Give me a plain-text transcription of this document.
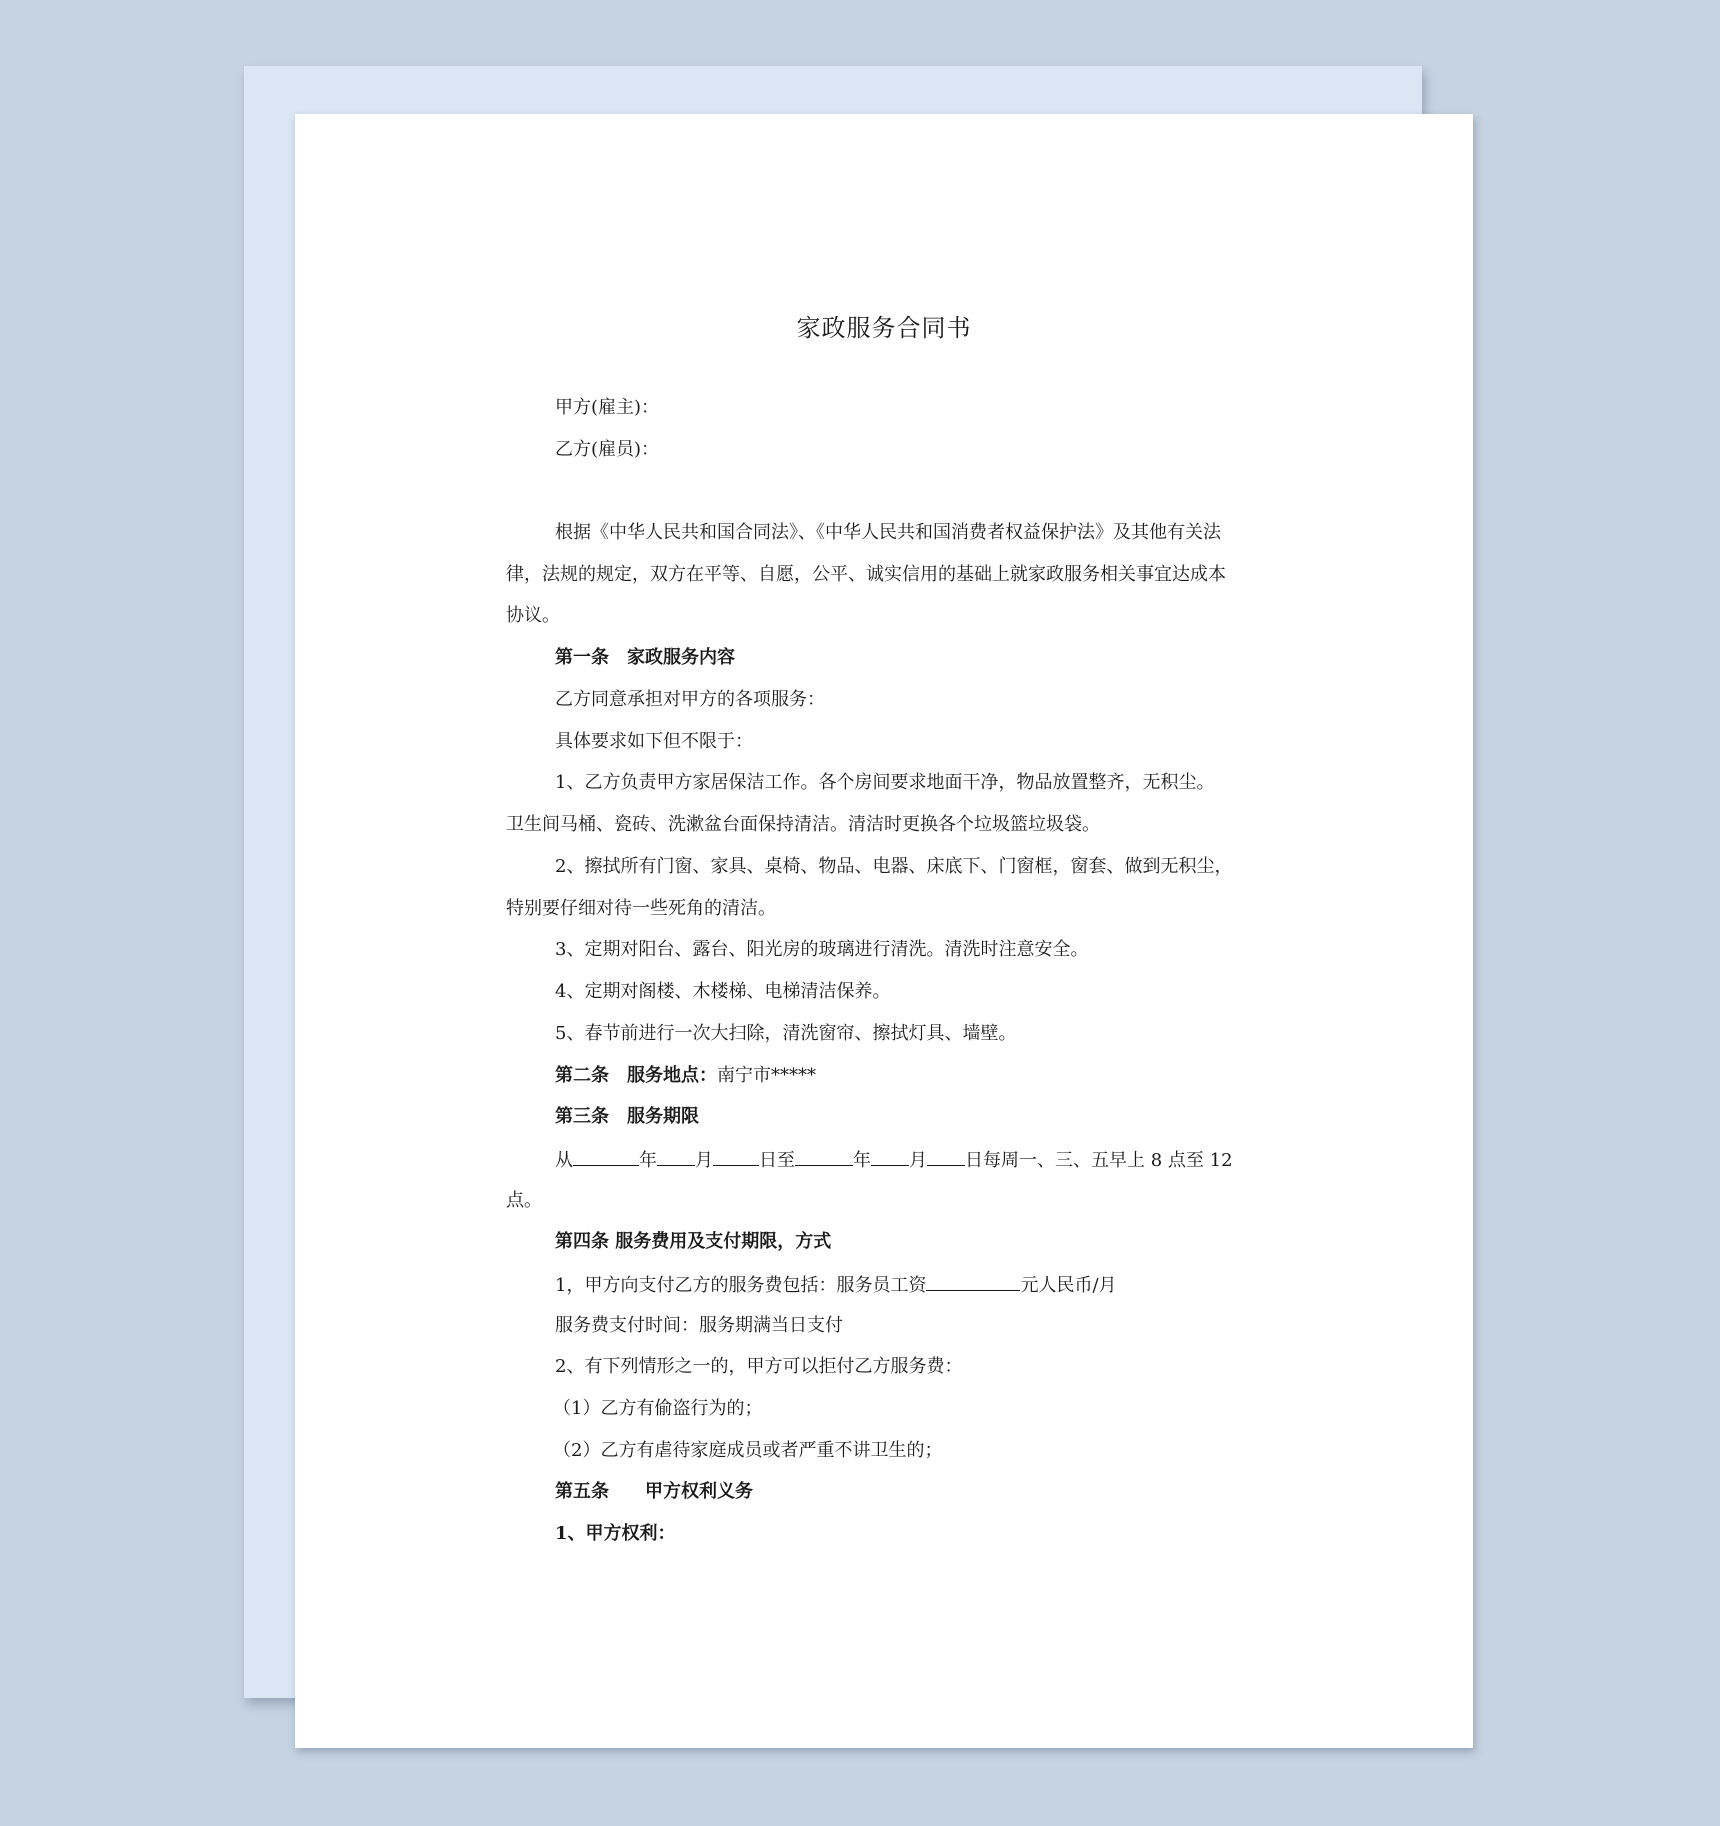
家政服务合同书
甲方(雇主)：
乙方(雇员)：
根据《中华人民共和国合同法》、《中华人民共和国消费者权益保护法》及其他有关法
律，法规的规定，双方在平等、自愿，公平、诚实信用的基础上就家政服务相关事宜达成本
协议。
第一条　家政服务内容
乙方同意承担对甲方的各项服务：
具体要求如下但不限于：
1、乙方负责甲方家居保洁工作。各个房间要求地面干净，物品放置整齐，无积尘。
卫生间马桶、瓷砖、洗漱盆台面保持清洁。清洁时更换各个垃圾篮垃圾袋。
2、擦拭所有门窗、家具、桌椅、物品、电器、床底下、门窗框，窗套、做到无积尘，
特别要仔细对待一些死角的清洁。
3、定期对阳台、露台、阳光房的玻璃进行清洗。清洗时注意安全。
4、定期对阁楼、木楼梯、电梯清洁保养。
5、春节前进行一次大扫除，清洗窗帘、擦拭灯具、墙壁。
第二条　服务地点：南宁市*****
第三条　服务期限
从	年 月	日至	年 月 日每周一、三、五早上 8 点至 12
点。
第四条 服务费用及支付期限，方式
1，甲方向支付乙方的服务费包括：服务员工资	元人民币/月
服务费支付时间：服务期满当日支付
2、有下列情形之一的，甲方可以拒付乙方服务费：
（1）乙方有偷盗行为的；
（2）乙方有虐待家庭成员或者严重不讲卫生的；
第五条　　甲方权利义务
1、甲方权利：
